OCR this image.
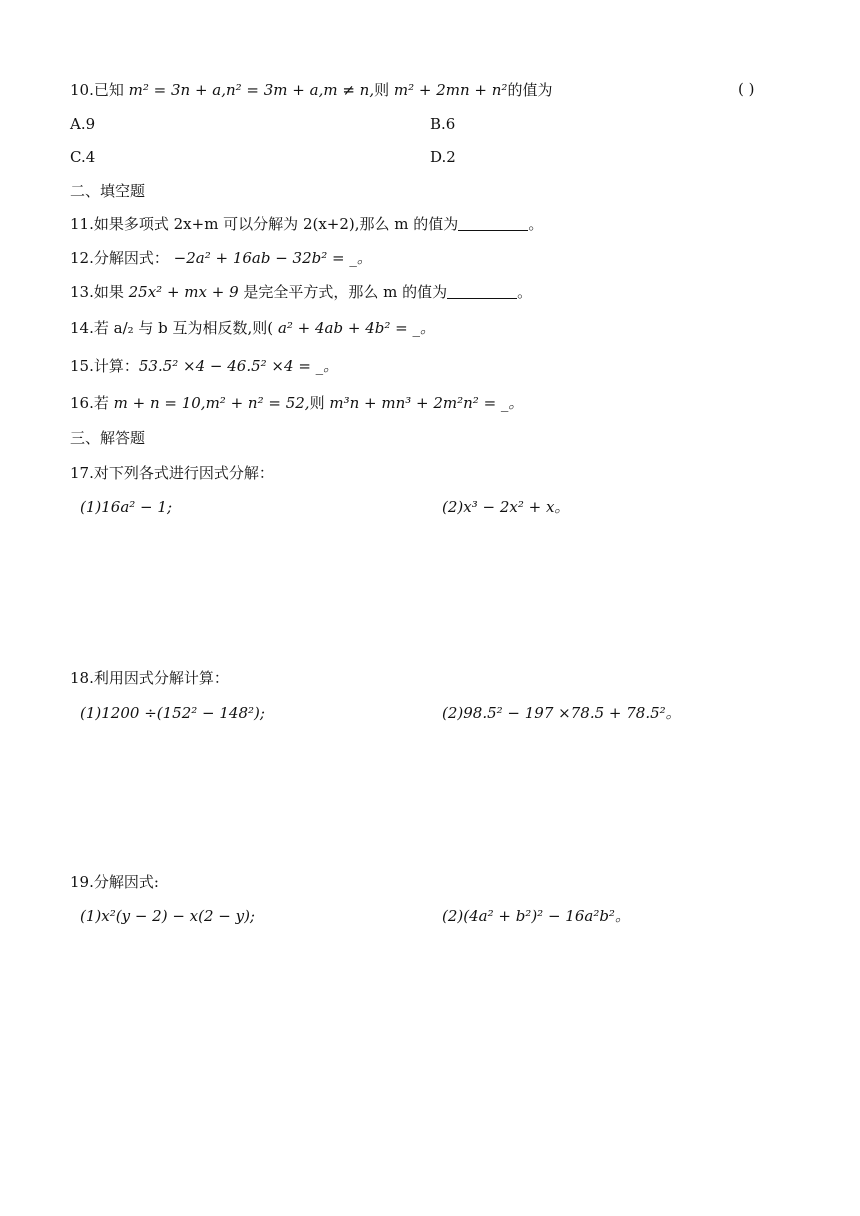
10.已知 m² = 3n + a,n² = 3m + a,m ≠ n,则 m² + 2mn + n²的值为	( )
A.9	B.6
C.4	D.2
二、填空题
11.如果多项式 2x+m 可以分解为 2(x+2),那么 m 的值为	。
12.分解因式： −2a² + 16ab − 32b² = _。
13.如果 25x² + mx + 9 是完全平方式，那么 m 的值为	。
14.若 a/₂ 与 b 互为相反数,则( a² + 4ab + 4b² = _。
15.计算：53.5² ×4 − 46.5² ×4 = _。
16.若 m + n = 10,m² + n² = 52,则 m³n + mn³ + 2m²n² = _。
三、解答题
17.对下列各式进行因式分解：
(1)16a² − 1;	(2)x³ − 2x² + x。
18.利用因式分解计算：
(1)1200 ÷(152² − 148²);	(2)98.5² − 197 ×78.5 + 78.5²。
19.分解因式:
(1)x²(y − 2) − x(2 − y);	(2)(4a² + b²)² − 16a²b²。
